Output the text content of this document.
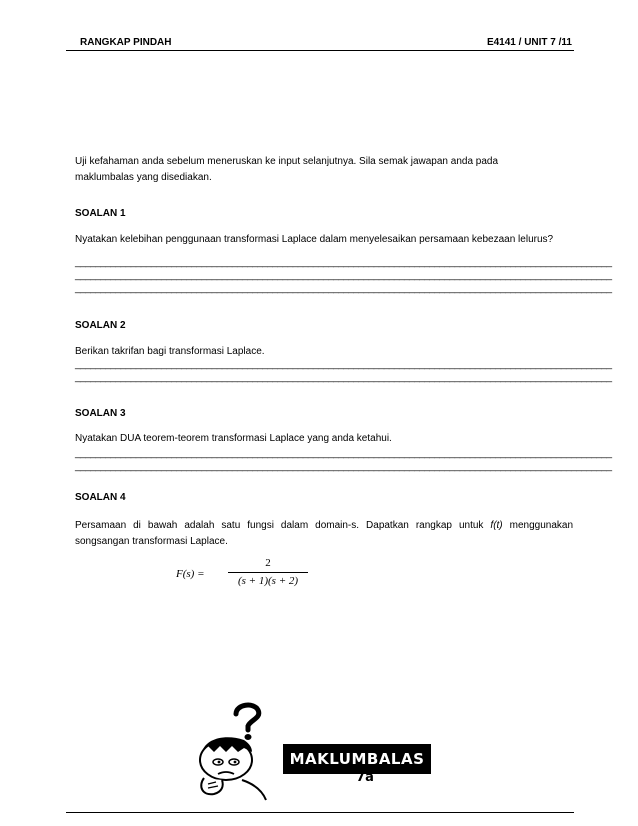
RANGKAP PINDAH	E4141 / UNIT 7 /11
Uji kefahaman anda sebelum meneruskan ke input selanjutnya. Sila semak jawapan anda pada maklumbalas yang disediakan.
SOALAN 1
Nyatakan kelebihan penggunaan transformasi Laplace dalam menyelesaikan persamaan kebezaan lelurus?
__________________________________________________________________________________________________________
__________________________________________________________________________________________________________
__________________________________________________________________________________________________________
SOALAN 2
Berikan takrifan bagi transformasi Laplace.
__________________________________________________________________________________________________________
__________________________________________________________________________________________________________
SOALAN 3
Nyatakan DUA teorem-teorem transformasi Laplace yang anda ketahui.
__________________________________________________________________________________________________________
__________________________________________________________________________________________________________
SOALAN 4
Persamaan di bawah adalah satu fungsi dalam domain-s. Dapatkan rangkap untuk f(t) menggunakan songsangan transformasi Laplace.
F(s) =
2
(s + 1)(s + 2)
MAKLUMBALAS
7a
